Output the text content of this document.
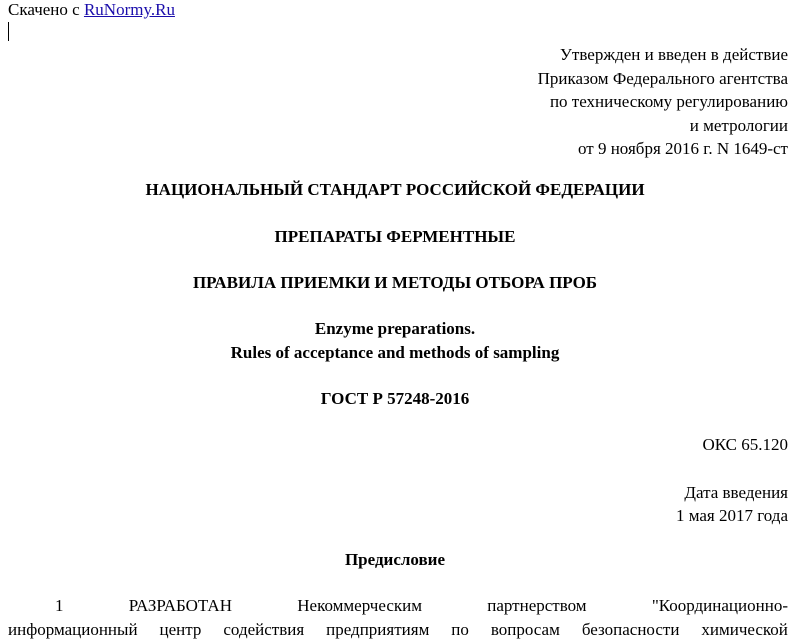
Скачено с RuNormy.Ru
Утвержден и введен в действие
Приказом Федерального агентства
по техническому регулированию
и метрологии
от 9 ноября 2016 г. N 1649-ст
НАЦИОНАЛЬНЫЙ СТАНДАРТ РОССИЙСКОЙ ФЕДЕРАЦИИ
ПРЕПАРАТЫ ФЕРМЕНТНЫЕ
ПРАВИЛА ПРИЕМКИ И МЕТОДЫ ОТБОРА ПРОБ
Enzyme preparations.
Rules of acceptance and methods of sampling
ГОСТ Р 57248-2016
ОКС 65.120
Дата введения
1 мая 2017 года
Предисловие
1	РАЗРАБОТАН	Некоммерческим	партнерством	"Координационно-
информационный центр содействия предприятиям по вопросам безопасности химической
